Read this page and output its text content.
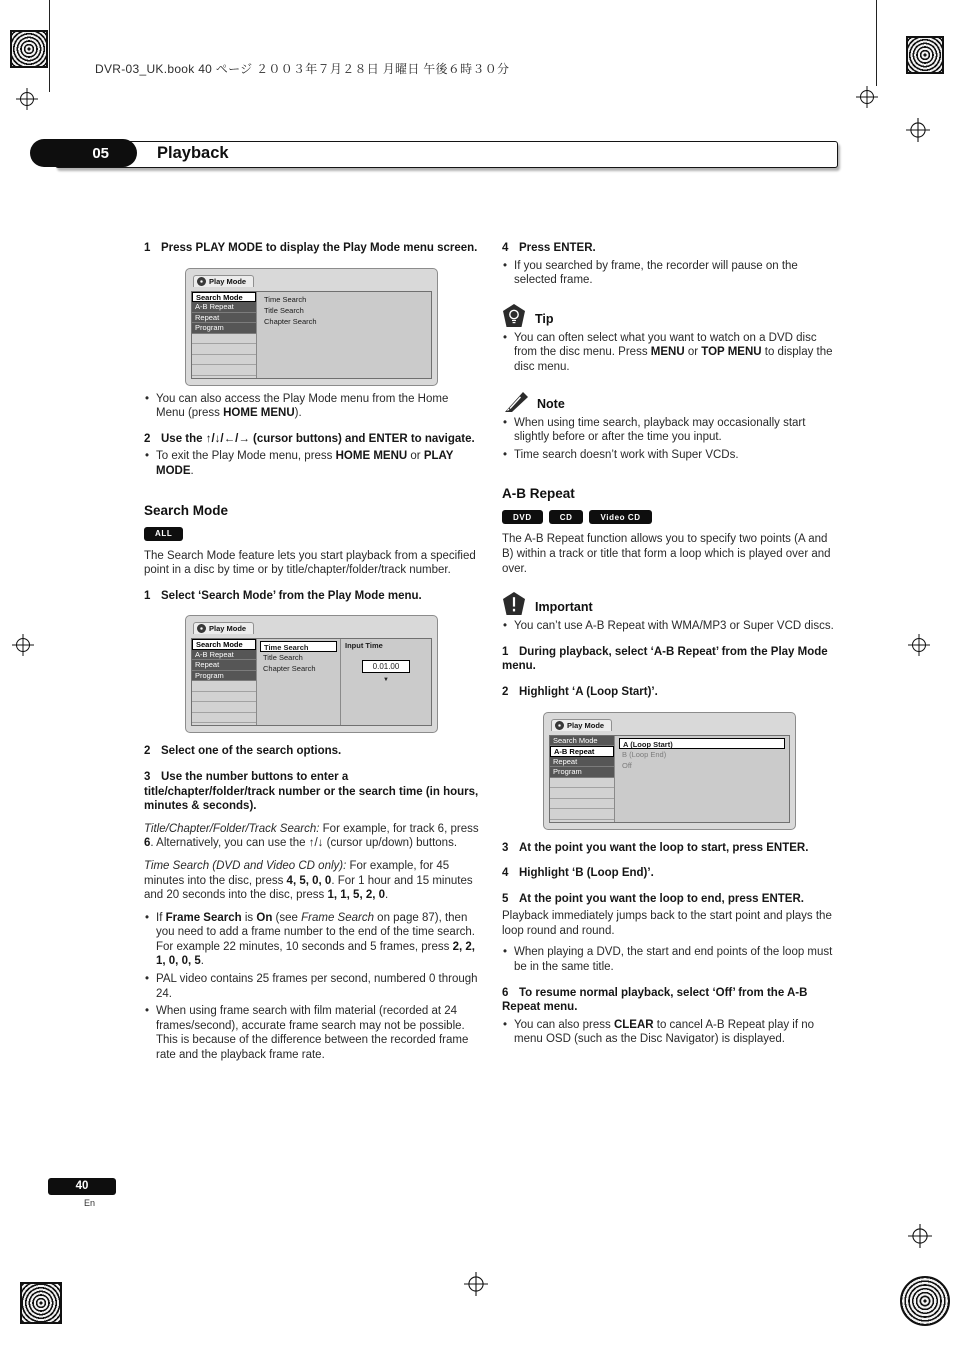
DVR-03_UK.book 40 ページ ２００３年７月２８日 月曜日 午後６時３０分
05	Playback

1 Press PLAY MODE to display the Play Mode menu screen.

Play Mode
Search Mode
A-B Repeat
Repeat
Program
Time Search
Title Search
Chapter Search

• You can also access the Play Mode menu from the Home Menu (press HOME MENU).

2 Use the ↑/↓/←/→ (cursor buttons) and ENTER to navigate.

• To exit the Play Mode menu, press HOME MENU or PLAY MODE.

Search Mode
ALL

The Search Mode feature lets you start playback from a specified point in a disc by time or by title/chapter/folder/track number.

1 Select ‘Search Mode’ from the Play Mode menu.

Play Mode
Search Mode
A-B Repeat
Repeat
Program
Time Search
Title Search
Chapter Search
Input Time
0.01.00
▼

2 Select one of the search options.

3 Use the number buttons to enter a title/chapter/folder/track number or the search time (in hours, minutes & seconds).

Title/Chapter/Folder/Track Search: For example, for track 6, press 6. Alternatively, you can use the ↑/↓ (cursor up/down) buttons.

Time Search (DVD and Video CD only): For example, for 45 minutes into the disc, press 4, 5, 0, 0. For 1 hour and 15 minutes and 20 seconds into the disc, press 1, 1, 5, 2, 0.

• If Frame Search is On (see Frame Search on page 87), then you need to add a frame number to the end of the time search. For example 22 minutes, 10 seconds and 5 frames, press 2, 2, 1, 0, 0, 5.

• PAL video contains 25 frames per second, numbered 0 through 24.

• When using frame search with film material (recorded at 24 frames/second), accurate frame search may not be possible. This is because of the difference between the recorded frame rate and the playback frame rate.

4 Press ENTER.

• If you searched by frame, the recorder will pause on the selected frame.

Tip

• You can often select what you want to watch on a DVD disc from the disc menu. Press MENU or TOP MENU to display the disc menu.

Note

• When using time search, playback may occasionally start slightly before or after the time you input.

• Time search doesn’t work with Super VCDs.

A-B Repeat
DVD	CD	Video CD

The A-B Repeat function allows you to specify two points (A and B) within a track or title that form a loop which is played over and over.

Important

• You can’t use A-B Repeat with WMA/MP3 or Super VCD discs.

1 During playback, select ‘A-B Repeat’ from the Play Mode menu.

2 Highlight ‘A (Loop Start)’.

Play Mode
Search Mode
A-B Repeat
Repeat
Program
A (Loop Start)
B (Loop End)
Off

3 At the point you want the loop to start, press ENTER.

4 Highlight ‘B (Loop End)’.

5 At the point you want the loop to end, press ENTER.

Playback immediately jumps back to the start point and plays the loop round and round.

• When playing a DVD, the start and end points of the loop must be in the same title.

6 To resume normal playback, select ‘Off’ from the A-B Repeat menu.

• You can also press CLEAR to cancel A-B Repeat play if no menu OSD (such as the Disc Navigator) is displayed.

40
En
